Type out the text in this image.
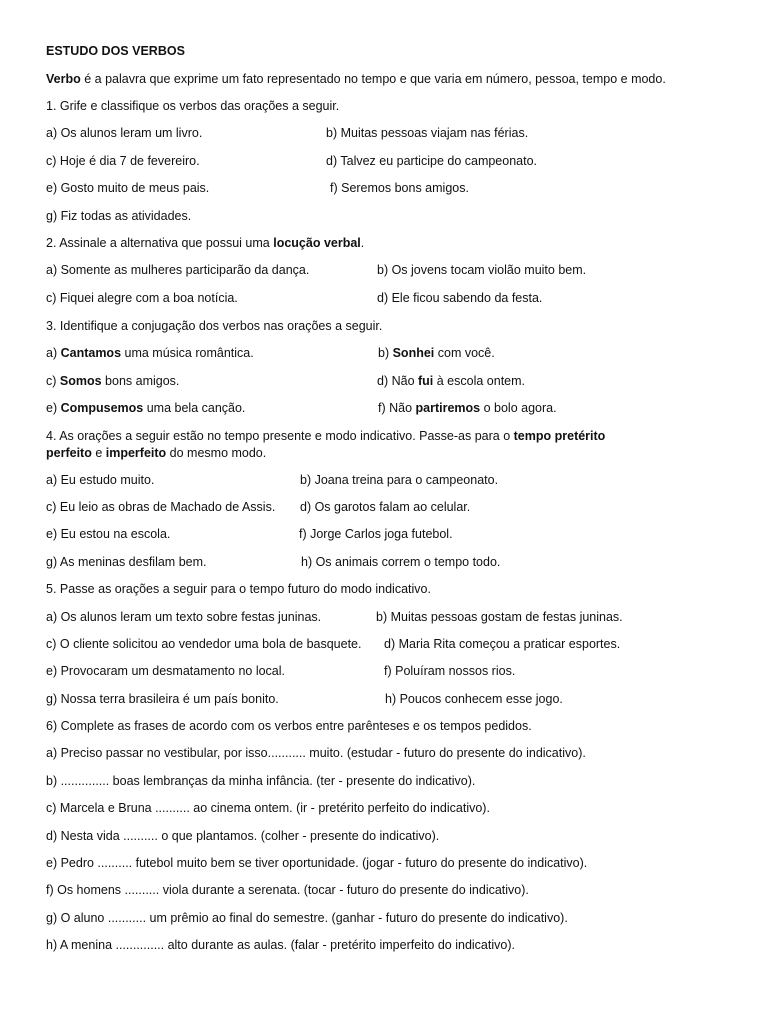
ESTUDO DOS VERBOS
Verbo é a palavra que exprime um fato representado no tempo e que varia em número, pessoa, tempo e modo.
1. Grife e classifique os verbos das orações a seguir.
a) Os alunos leram um livro.	b) Muitas pessoas viajam nas férias.
c) Hoje é dia 7 de fevereiro.	d) Talvez eu participe do campeonato.
e) Gosto muito de meus pais.	f) Seremos bons amigos.
g) Fiz todas as atividades.
2. Assinale a alternativa que possui uma locução verbal.
a) Somente as mulheres participarão da dança.	b) Os jovens tocam violão muito bem.
c) Fiquei alegre com a boa notícia.	d) Ele ficou sabendo da festa.
3. Identifique a conjugação dos verbos nas orações a seguir.
a) Cantamos uma música romântica.	b) Sonhei com você.
c) Somos bons amigos.	d) Não fui à escola ontem.
e) Compusemos uma bela canção.	f) Não partiremos o bolo agora.
4. As orações a seguir estão no tempo presente e modo indicativo. Passe-as para o tempo pretérito
perfeito e imperfeito do mesmo modo.
a) Eu estudo muito.	b) Joana treina para o campeonato.
c) Eu leio as obras de Machado de Assis. d) Os garotos falam ao celular.
e) Eu estou na escola.	f) Jorge Carlos joga futebol.
g) As meninas desfilam bem.	h) Os animais correm o tempo todo.
5. Passe as orações a seguir para o tempo futuro do modo indicativo.
a) Os alunos leram um texto sobre festas juninas.	b) Muitas pessoas gostam de festas juninas.
c) O cliente solicitou ao vendedor uma bola de basquete. d) Maria Rita começou a praticar esportes.
e) Provocaram um desmatamento no local.	f) Poluíram nossos rios.
g) Nossa terra brasileira é um país bonito.	h) Poucos conhecem esse jogo.
6) Complete as frases de acordo com os verbos entre parênteses e os tempos pedidos.
a) Preciso passar no vestibular, por isso........... muito. (estudar - futuro do presente do indicativo).
b) .............. boas lembranças da minha infância. (ter - presente do indicativo).
c) Marcela e Bruna .......... ao cinema ontem. (ir - pretérito perfeito do indicativo).
d) Nesta vida .......... o que plantamos. (colher - presente do indicativo).
e) Pedro .......... futebol muito bem se tiver oportunidade. (jogar - futuro do presente do indicativo).
f) Os homens .......... viola durante a serenata. (tocar - futuro do presente do indicativo).
g) O aluno ........... um prêmio ao final do semestre. (ganhar - futuro do presente do indicativo).
h) A menina .............. alto durante as aulas. (falar - pretérito imperfeito do indicativo).
